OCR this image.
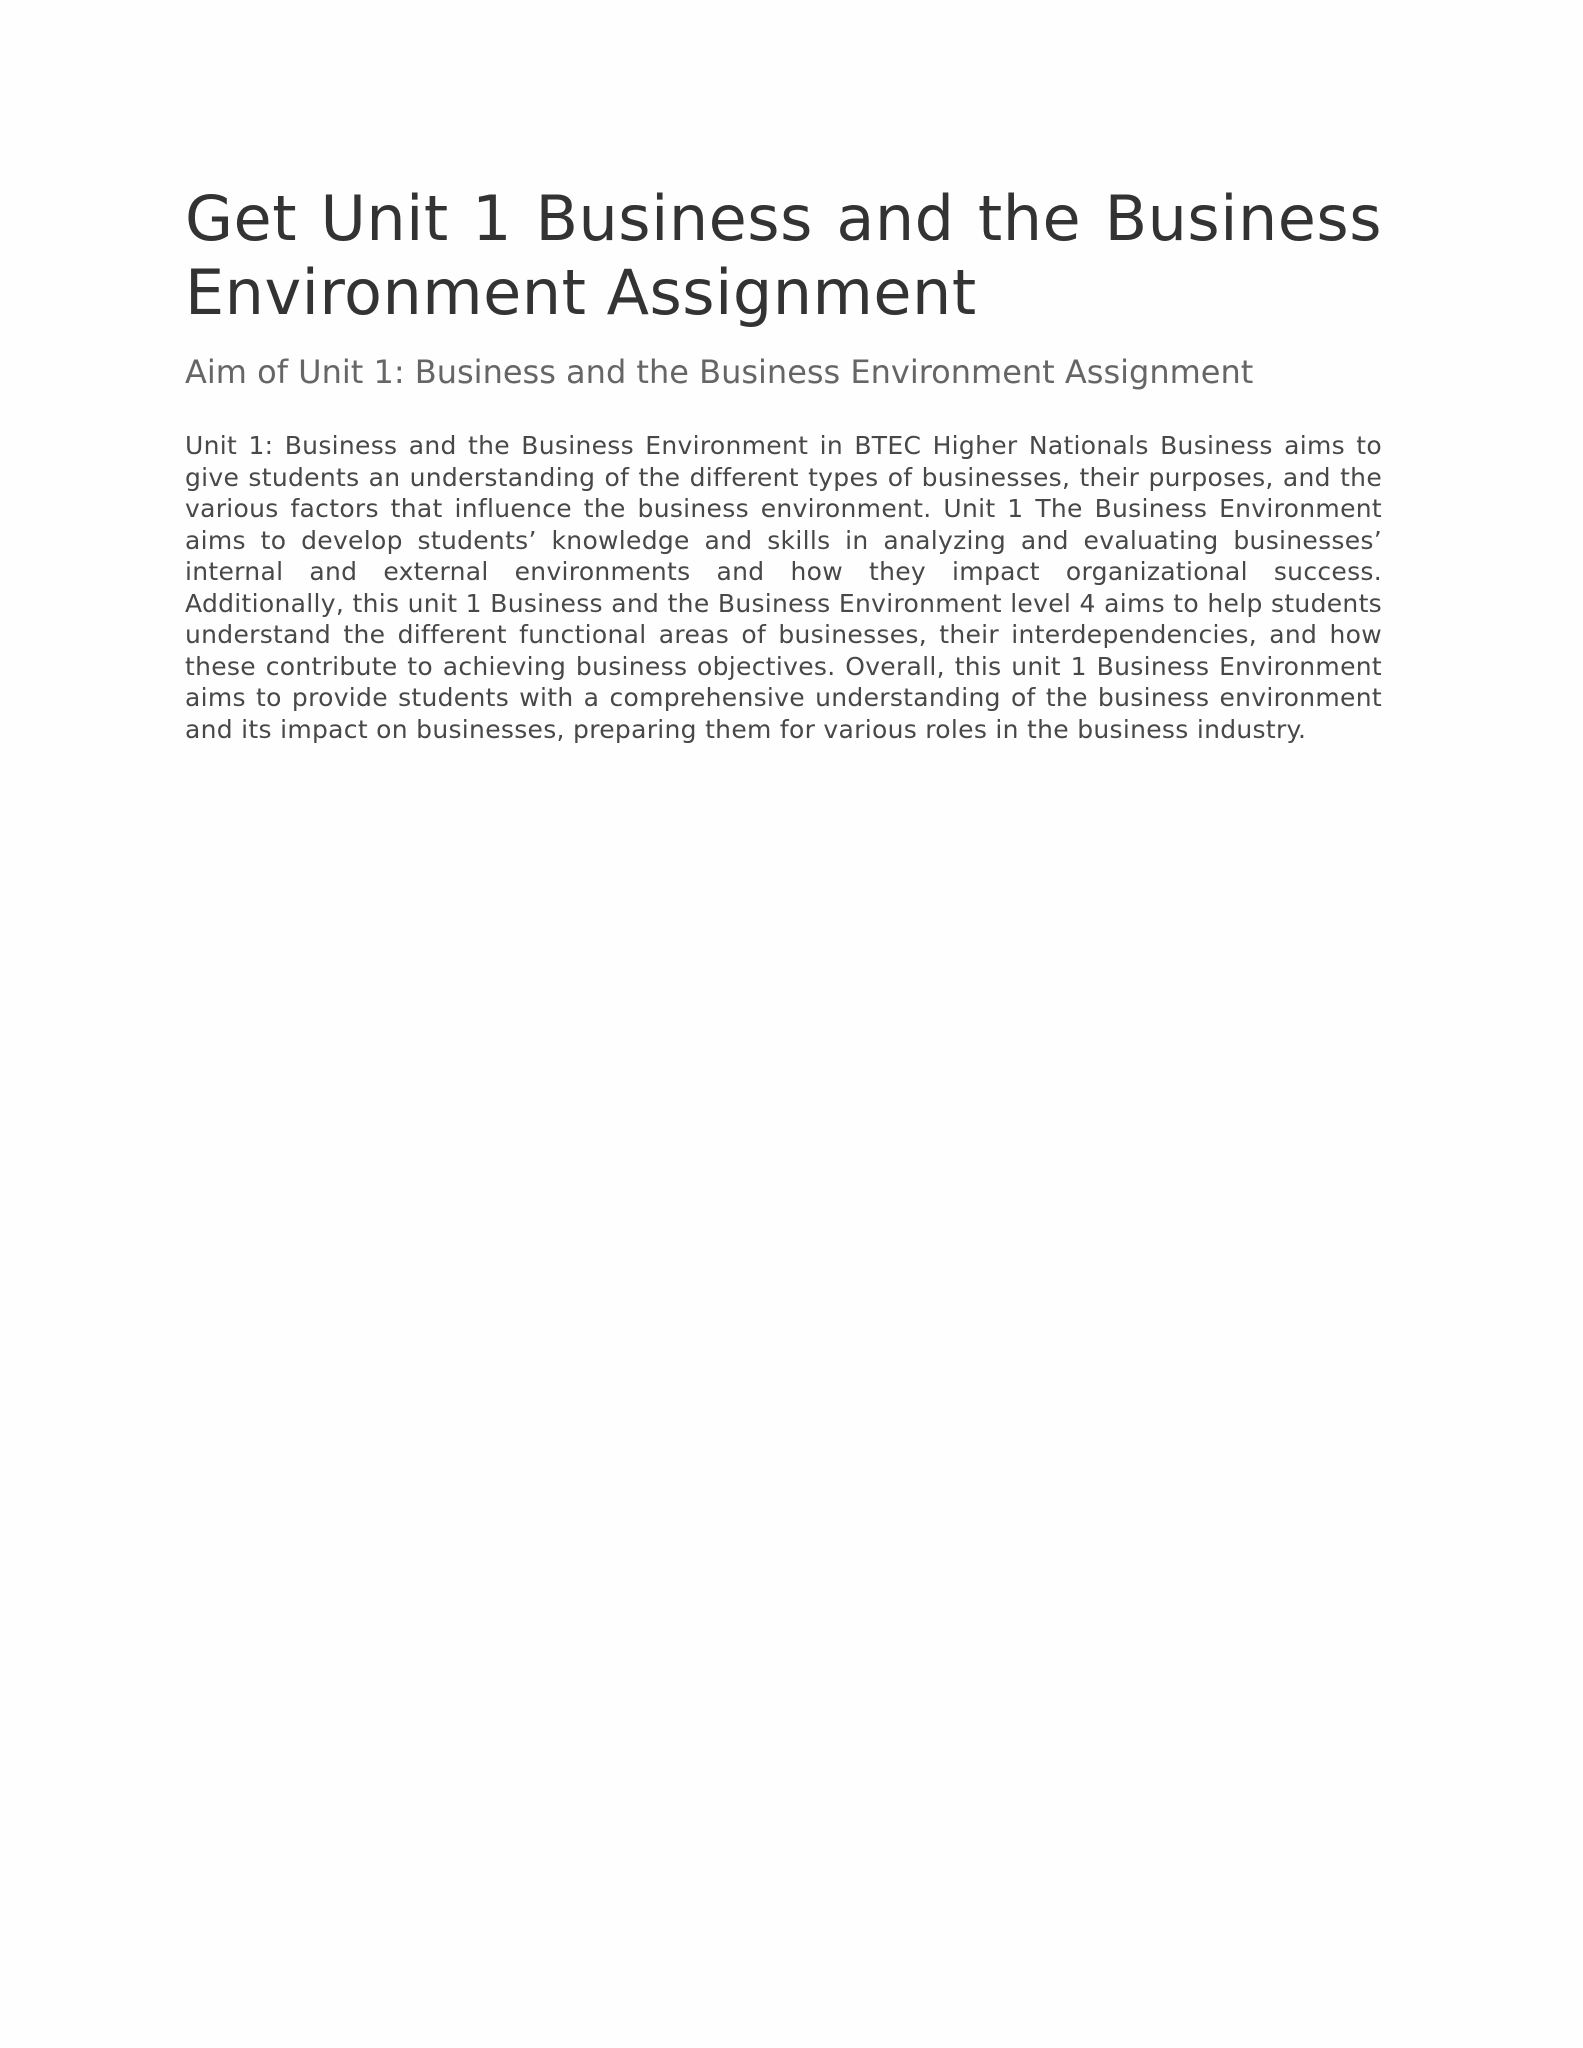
Get Unit 1 Business and the Business Environment Assignment
Aim of Unit 1: Business and the Business Environment Assignment

Unit 1: Business and the Business Environment in BTEC Higher Nationals Business aims to give students an understanding of the different types of businesses, their purposes, and the various factors that influence the business environment. Unit 1 The Business Environment aims to develop students’ knowledge and skills in analyzing and evaluating businesses’ internal and external environments and how they impact organizational success. Additionally, this unit 1 Business and the Business Environment level 4 aims to help students understand the different functional areas of businesses, their interdependencies, and how these contribute to achieving business objectives. Overall, this unit 1 Business Environment aims to provide students with a comprehensive understanding of the business environment and its impact on businesses, preparing them for various roles in the business industry.
